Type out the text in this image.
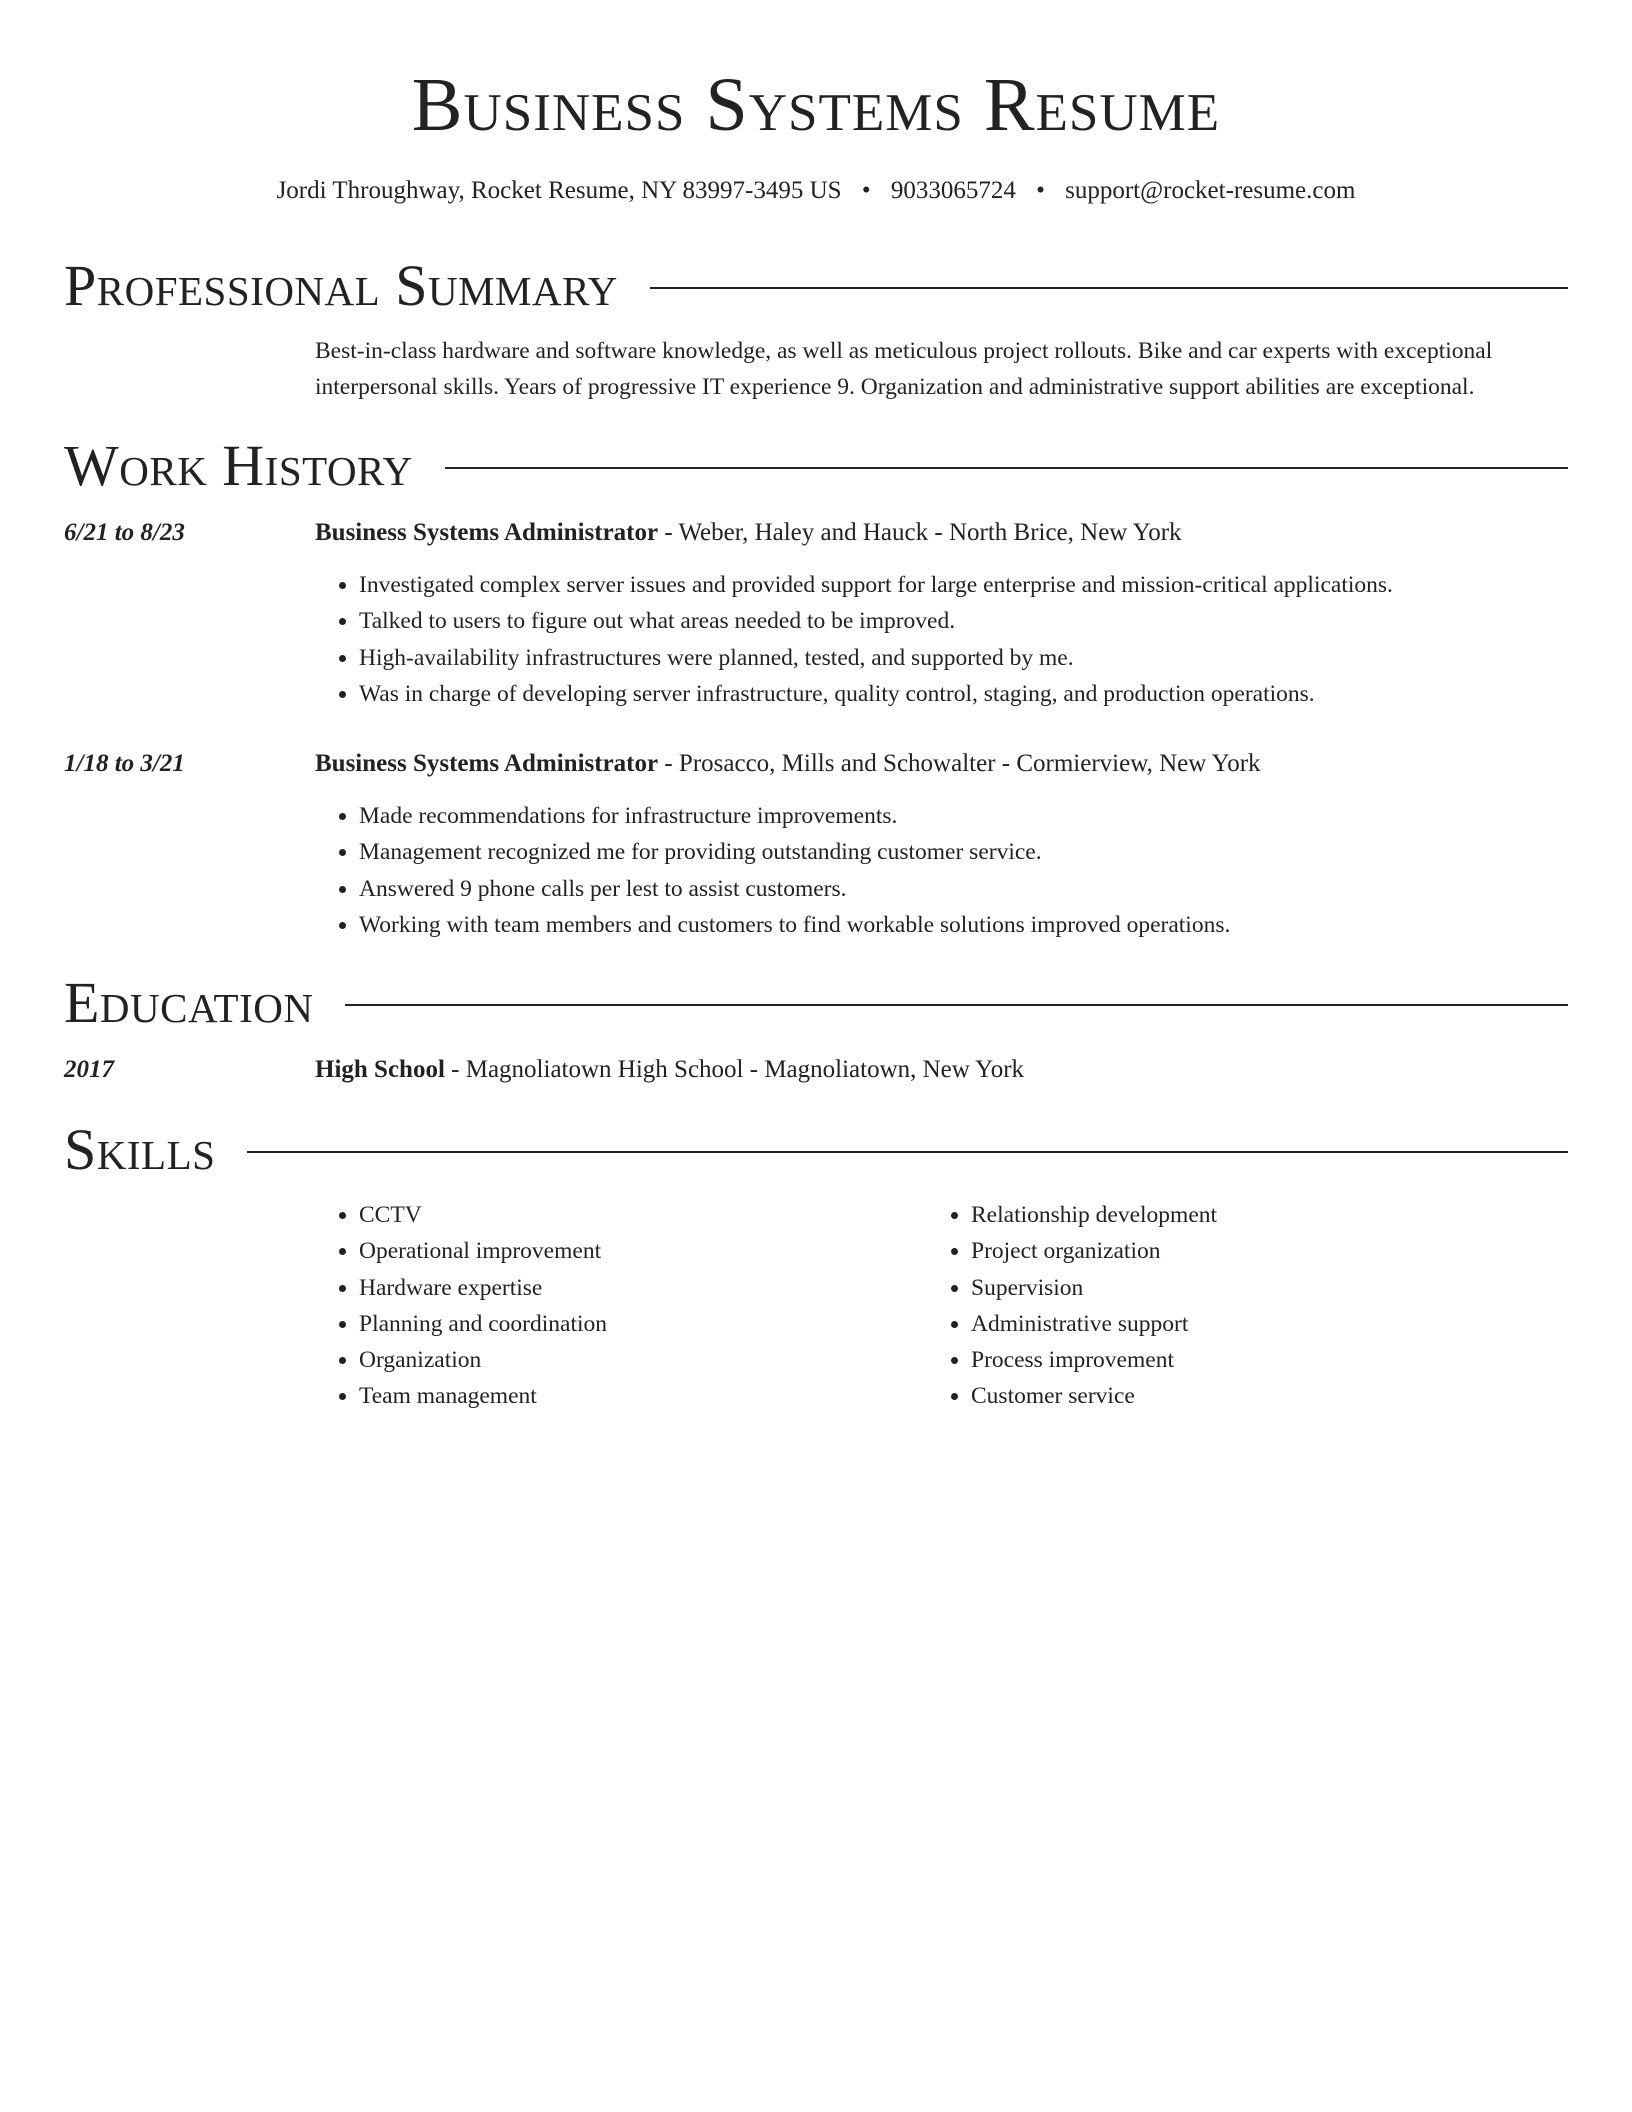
Business Systems Resume
Jordi Throughway, Rocket Resume, NY 83997-3495 US • 9033065724 • support@rocket-resume.com
Professional Summary

Best-in-class hardware and software knowledge, as well as meticulous project rollouts. Bike and car experts with exceptional interpersonal skills. Years of progressive IT experience 9. Organization and administrative support abilities are exceptional.

Work History
6/21 to 8/23	Business Systems Administrator - Weber, Haley and Hauck - North Brice, New York
• Investigated complex server issues and provided support for large enterprise and mission-critical applications.
• Talked to users to figure out what areas needed to be improved.
• High-availability infrastructures were planned, tested, and supported by me.
• Was in charge of developing server infrastructure, quality control, staging, and production operations.
1/18 to 3/21	Business Systems Administrator - Prosacco, Mills and Schowalter - Cormierview, New York
• Made recommendations for infrastructure improvements.
• Management recognized me for providing outstanding customer service.
• Answered 9 phone calls per lest to assist customers.
• Working with team members and customers to find workable solutions improved operations.
Education
2017	High School - Magnoliatown High School - Magnoliatown, New York
Skills
• CCTV
• Operational improvement
• Hardware expertise
• Planning and coordination
• Organization
• Team management
• Relationship development
• Project organization
• Supervision
• Administrative support
• Process improvement
• Customer service
